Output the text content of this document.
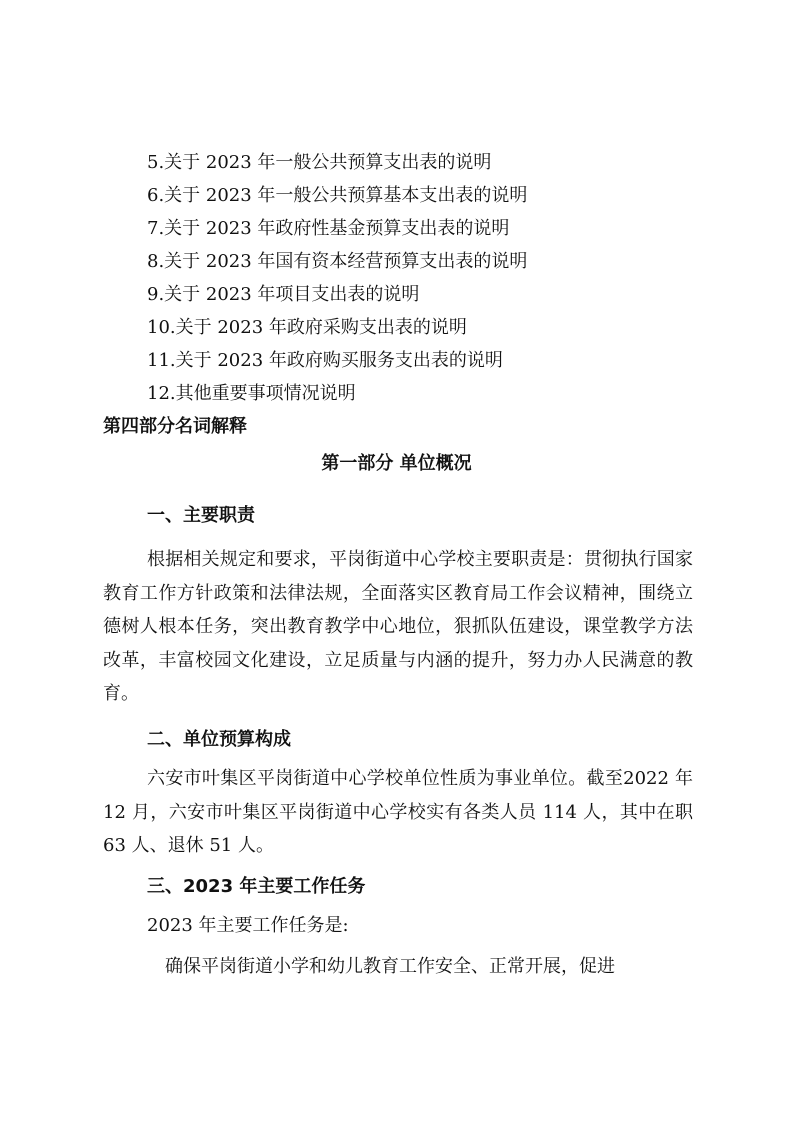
5.关于 2023 年一般公共预算支出表的说明
6.关于 2023 年一般公共预算基本支出表的说明
7.关于 2023 年政府性基金预算支出表的说明
8.关于 2023 年国有资本经营预算支出表的说明
9.关于 2023 年项目支出表的说明
10.关于 2023 年政府采购支出表的说明
11.关于 2023 年政府购买服务支出表的说明
12.其他重要事项情况说明
第四部分名词解释
第一部分 单位概况
一、主要职责
根据相关规定和要求，平岗街道中心学校主要职责是：贯彻执行国家教育工作方针政策和法律法规，全面落实区教育局工作会议精神，围绕立德树人根本任务，突出教育教学中心地位，狠抓队伍建设，课堂教学方法改革，丰富校园文化建设，立足质量与内涵的提升，努力办人民满意的教育。
二、单位预算构成
六安市叶集区平岗街道中心学校单位性质为事业单位。截至2022 年 12 月，六安市叶集区平岗街道中心学校实有各类人员 114 人，其中在职 63 人、退休 51 人。
三、2023 年主要工作任务
2023 年主要工作任务是:
确保平岗街道小学和幼儿教育工作安全、正常开展，促进
